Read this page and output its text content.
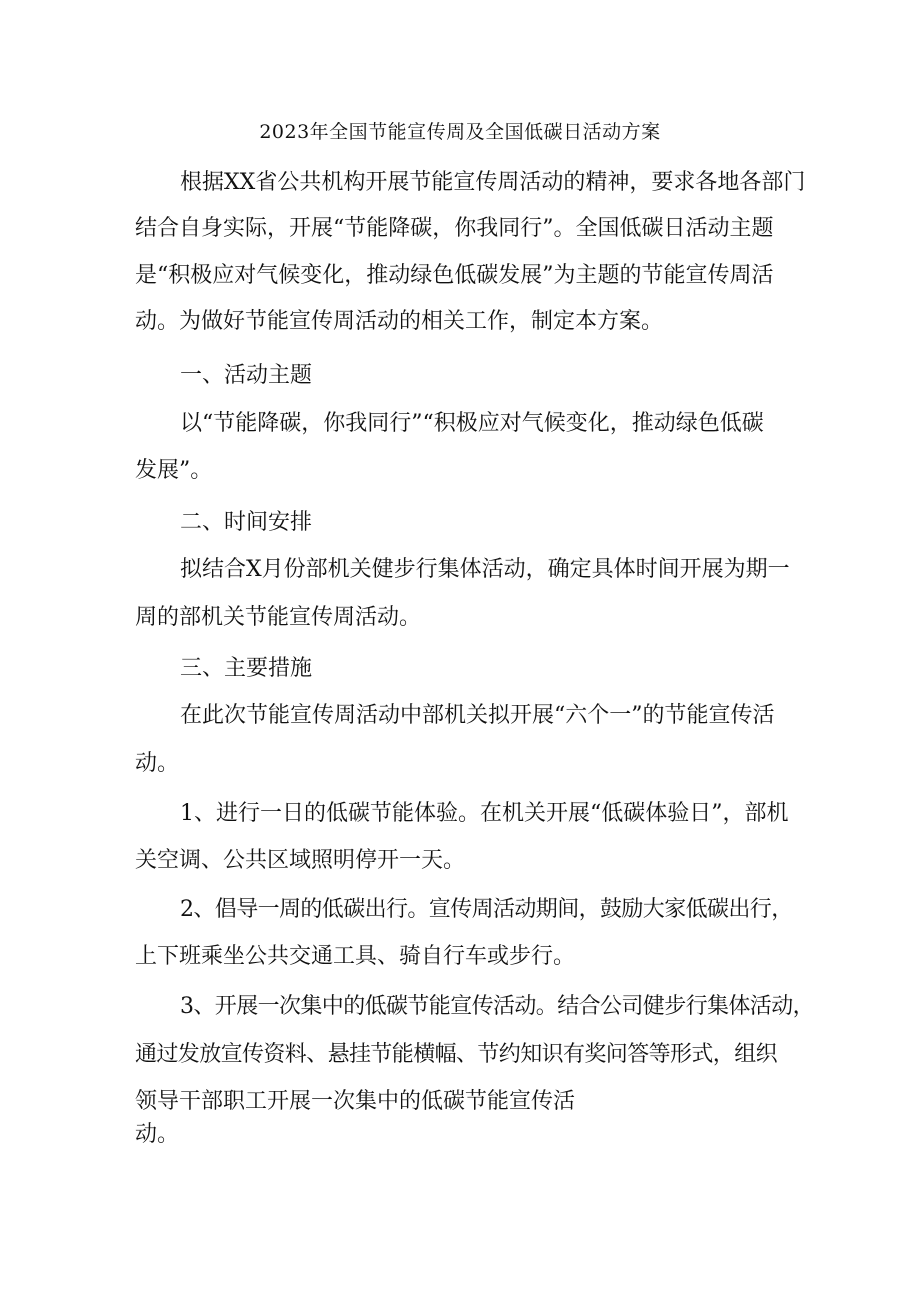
2023年全国节能宣传周及全国低碳日活动方案
根据XX省公共机构开展节能宣传周活动的精神，要求各地各部门
结合自身实际，开展“节能降碳，你我同行”。全国低碳日活动主题
是“积极应对气候变化，推动绿色低碳发展”为主题的节能宣传周活
动。为做好节能宣传周活动的相关工作，制定本方案。
一、活动主题
以“节能降碳，你我同行”“积极应对气候变化，推动绿色低碳
发展”。
二、时间安排
拟结合X月份部机关健步行集体活动，确定具体时间开展为期一
周的部机关节能宣传周活动。
三、主要措施
在此次节能宣传周活动中部机关拟开展“六个一”的节能宣传活
动。
1、进行一日的低碳节能体验。在机关开展“低碳体验日”，部机
关空调、公共区域照明停开一天。
2、倡导一周的低碳出行。宣传周活动期间，鼓励大家低碳出行，
上下班乘坐公共交通工具、骑自行车或步行。
3、开展一次集中的低碳节能宣传活动。结合公司健步行集体活动，
通过发放宣传资料、悬挂节能横幅、节约知识有奖问答等形式，组织
领导干部职工开展一次集中的低碳节能宣传活
动。
